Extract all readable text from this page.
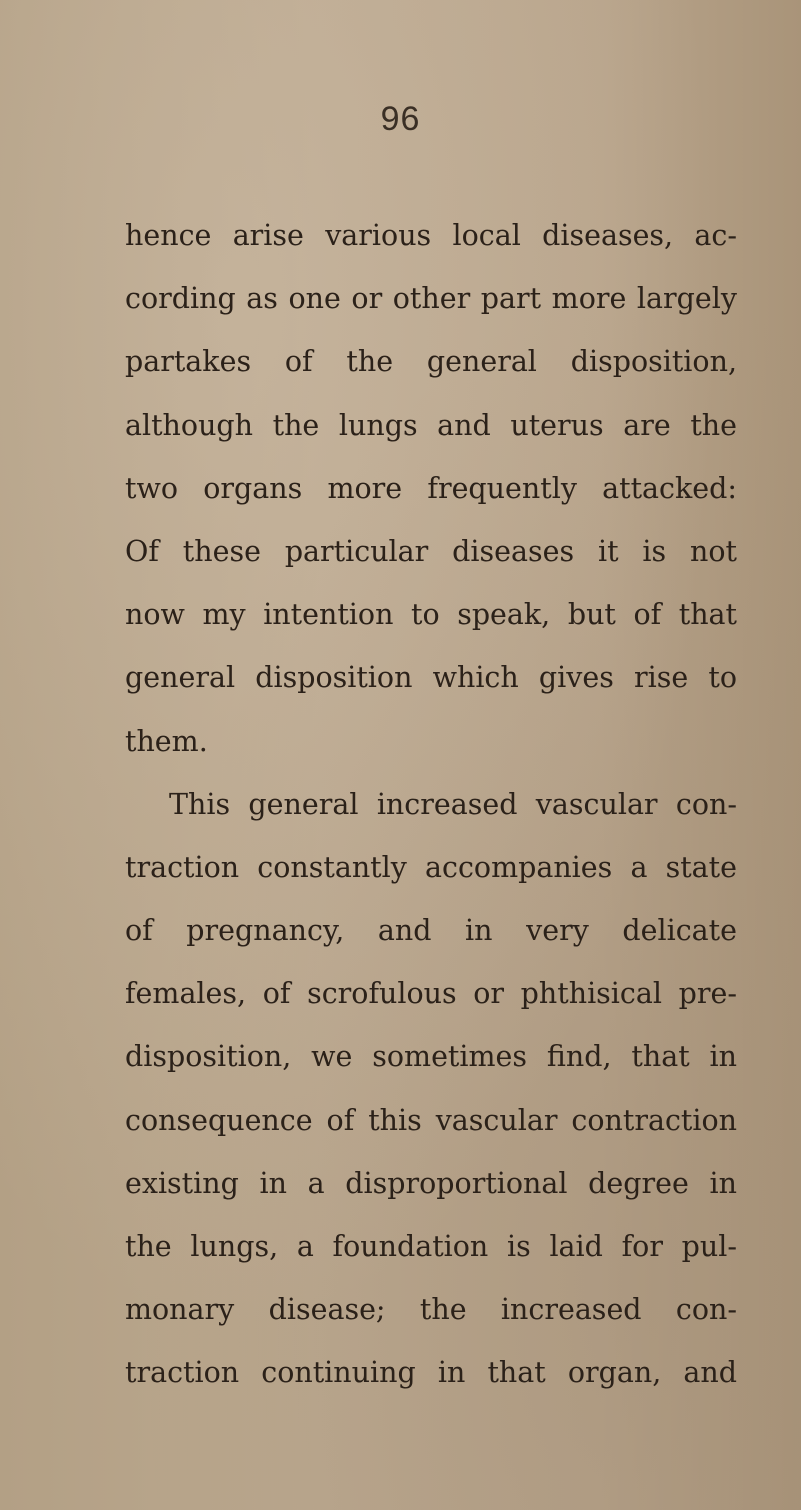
96
hence arise various local diseases, ac-
cording as one or other part more largely
partakes of the general disposition,
although the lungs and uterus are the
two organs more frequently attacked:
Of these particular diseases it is not
now my intention to speak, but of that
general disposition which gives rise to
them.
This general increased vascular con-
traction constantly accompanies a state
of pregnancy, and in very delicate
females, of scrofulous or phthisical pre-
disposition, we sometimes find, that in
consequence of this vascular contraction
existing in a disproportional degree in
the lungs, a foundation is laid for pul-
monary disease; the increased con-
traction continuing in that organ, and
